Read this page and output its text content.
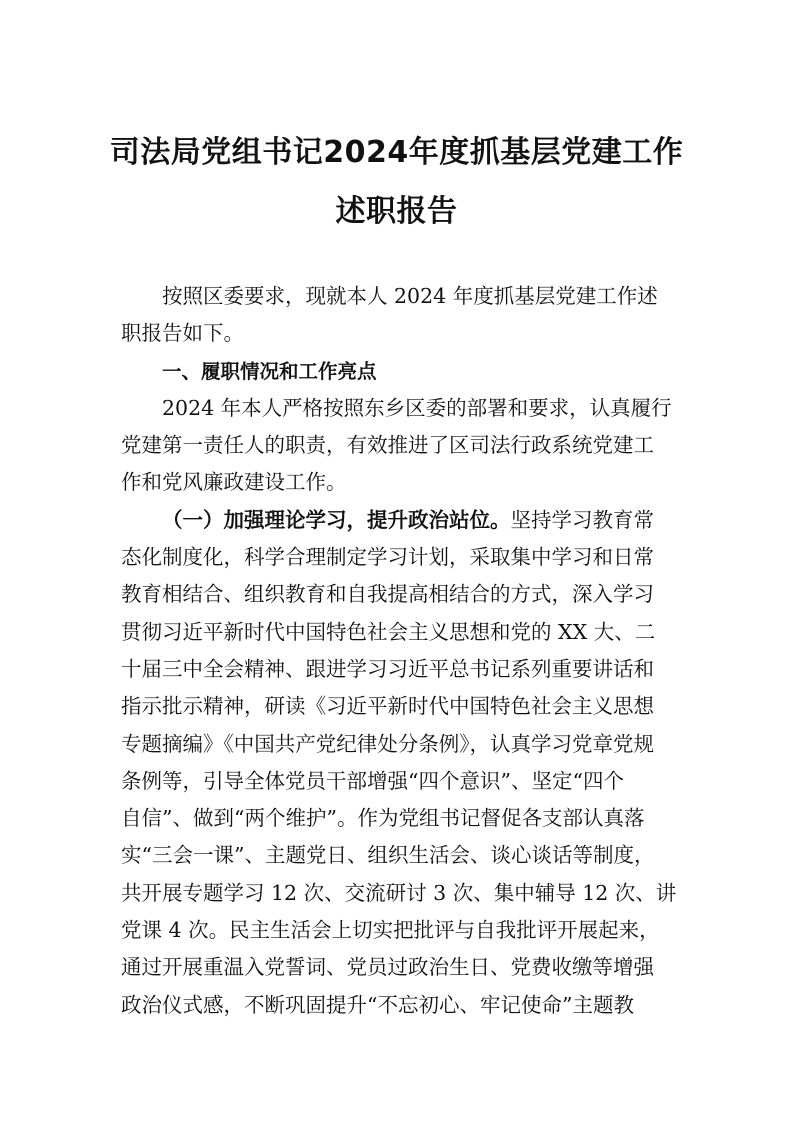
司法局党组书记2024年度抓基层党建工作
述职报告
按照区委要求，现就本人 2024 年度抓基层党建工作述
职报告如下。
一、履职情况和工作亮点
2024 年本人严格按照东乡区委的部署和要求，认真履行
党建第一责任人的职责，有效推进了区司法行政系统党建工
作和党风廉政建设工作。
（一）加强理论学习，提升政治站位。坚持学习教育常
态化制度化，科学合理制定学习计划，采取集中学习和日常
教育相结合、组织教育和自我提高相结合的方式，深入学习
贯彻习近平新时代中国特色社会主义思想和党的 XX 大、二
十届三中全会精神、跟进学习习近平总书记系列重要讲话和
指示批示精神，研读《习近平新时代中国特色社会主义思想
专题摘编》《中国共产党纪律处分条例》，认真学习党章党规
条例等，引导全体党员干部增强“四个意识”、坚定“四个
自信”、做到“两个维护”。作为党组书记督促各支部认真落
实“三会一课”、主题党日、组织生活会、谈心谈话等制度，
共开展专题学习 12 次、交流研讨 3 次、集中辅导 12 次、讲
党课 4 次。民主生活会上切实把批评与自我批评开展起来，
通过开展重温入党誓词、党员过政治生日、党费收缴等增强
政治仪式感，不断巩固提升“不忘初心、牢记使命”主题教
